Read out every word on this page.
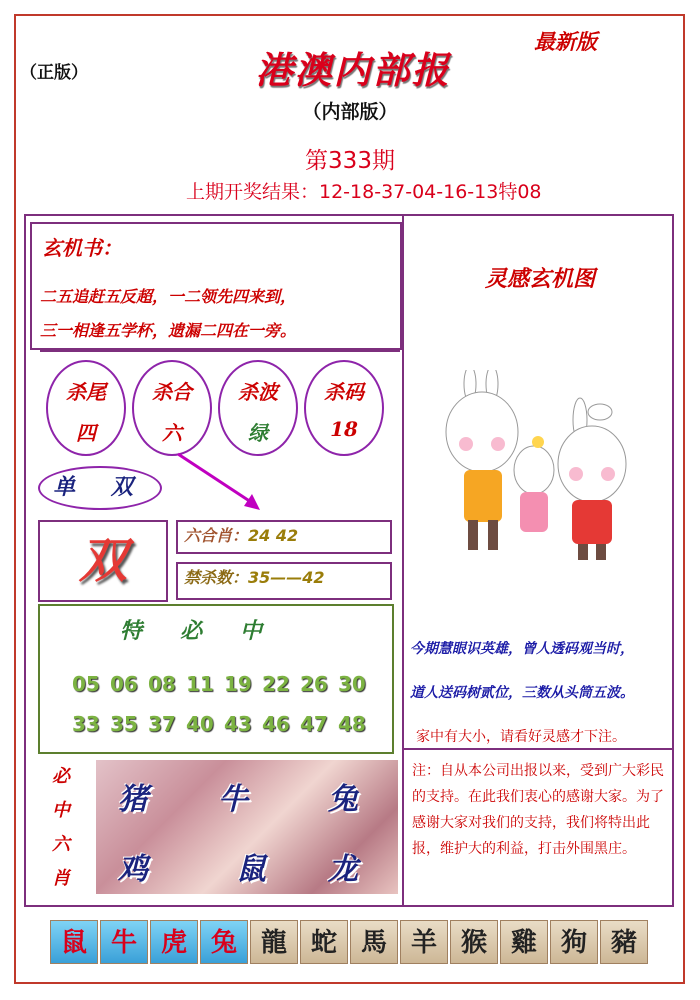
（正版）
最新版
港澳内部报
（内部版）
第333期
上期开奖结果：12-18-37-04-16-13特08
玄机书：
二五追赶五反超，一二领先四来到，
三一相逢五学杯，遗漏二四在一旁。
杀尾
四
杀合
六
杀波
绿
杀码
18
单 双
双	六合肖：24 42
禁杀数：35——42
特必中
05 06 08 11 19 22 26 30
33 35 37 40 43 46 47 48
必中六肖
猪 牛	兔
鸡	鼠 龙
灵感玄机图
今期慧眼识英雄，曾人透码观当时，
道人送码树贰位，三数从头筒五波。
家中有大小，请看好灵感才下注。
注：自从本公司出报以来，受到广大彩民的支持。在此我们衷心的感谢大家。为了感谢大家对我们的支持，我们将特出此报，维护大的利益，打击外围黑庄。
鼠 牛 虎 兔 龍 蛇 馬 羊 猴 雞 狗 豬
